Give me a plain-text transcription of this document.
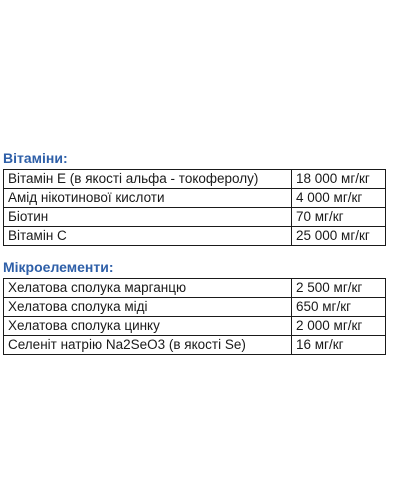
Вітаміни:
Вітамін Е (в якості альфа - токоферолу)	18 000 мг/кг
Амід нікотинової кислоти	4 000 мг/кг
Біотин	70 мг/кг
Вітамін С	25 000 мг/кг
Мікроелементи:
Хелатова сполука марганцю	2 500 мг/кг
Хелатова сполука міді	650 мг/кг
Хелатова сполука цинку	2 000 мг/кг
Селеніт натрію Na2SeO3 (в якості Se)	16 мг/кг
